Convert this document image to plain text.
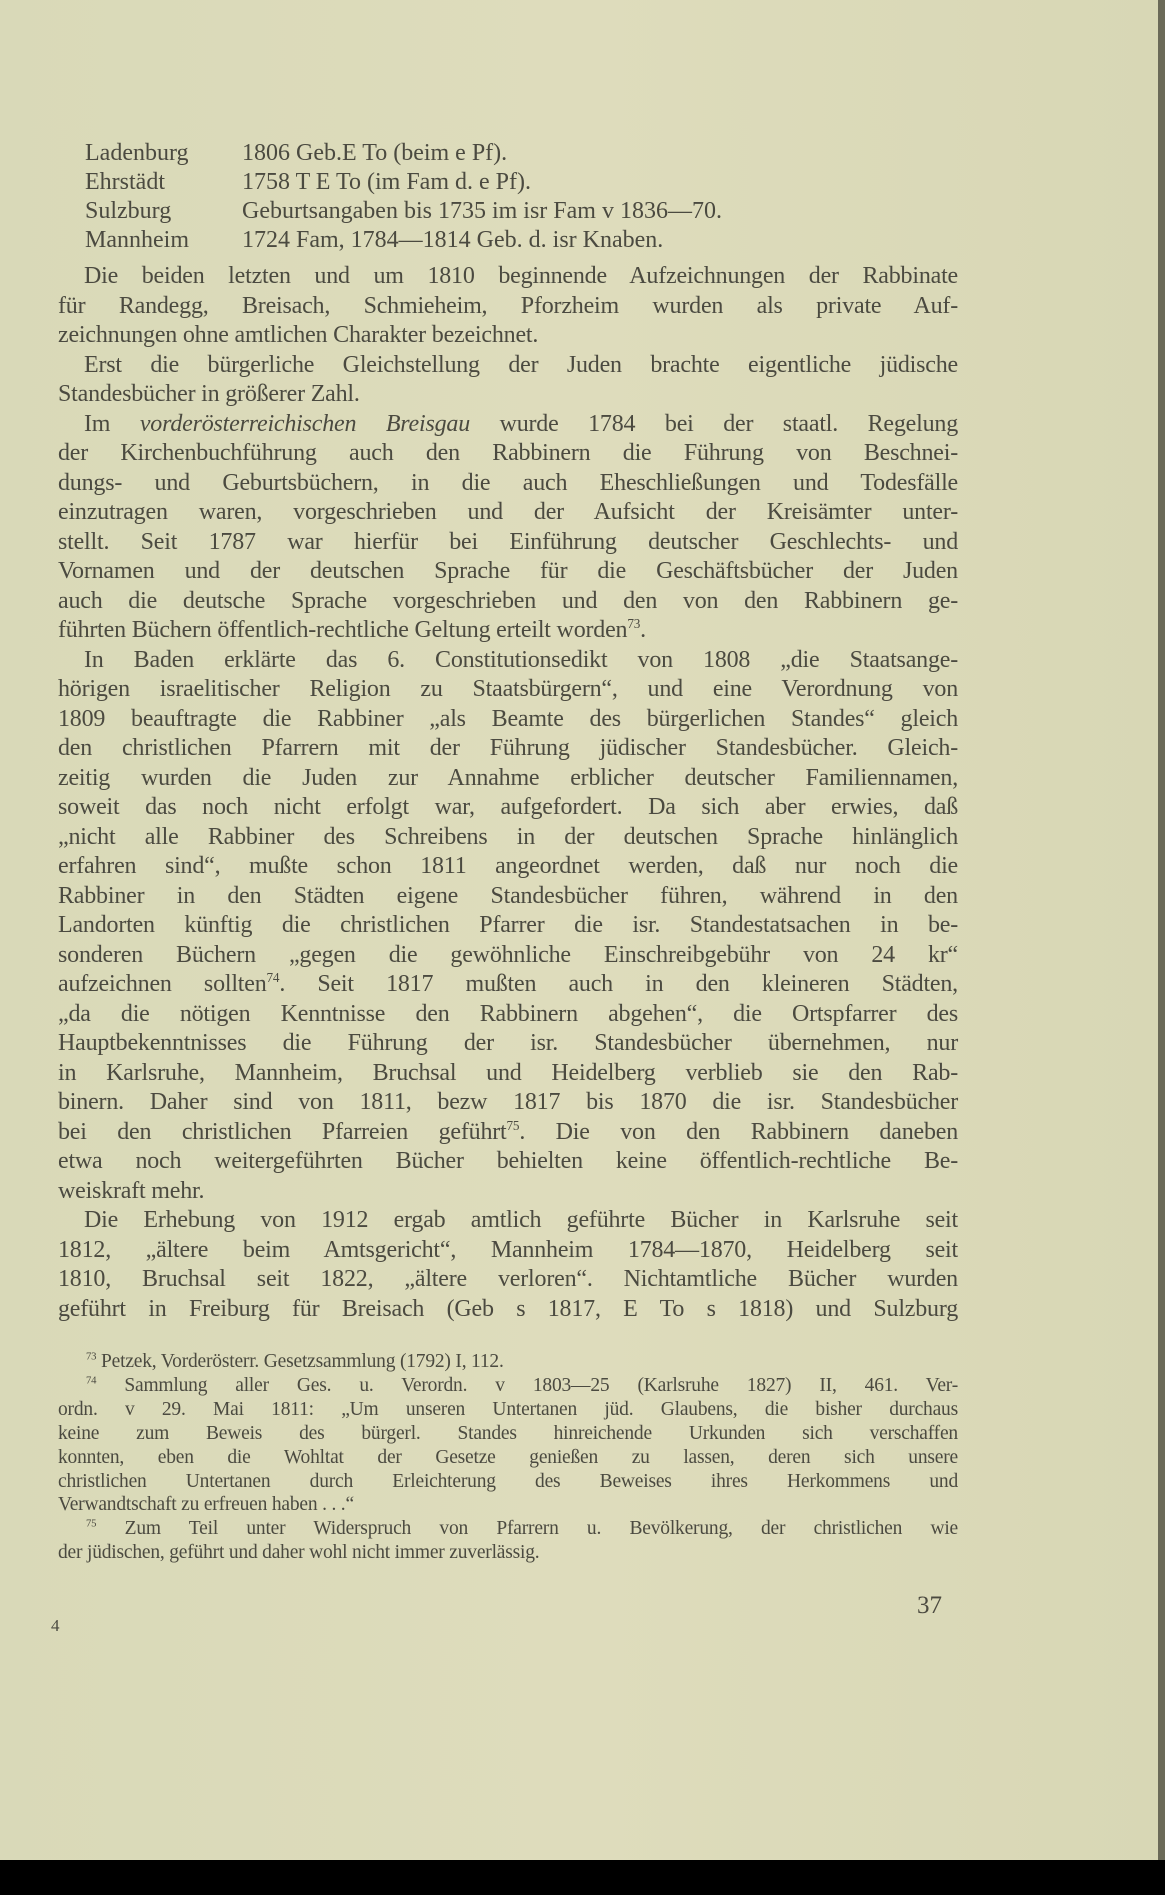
Ladenburg 1806 Geb.E To (beim e Pf).
Ehrstädt	1758 T E To (im Fam d. e Pf).
Sulzburg	Geburtsangaben bis 1735 im isr Fam v 1836—70.
Mannheim 1724 Fam, 1784—1814 Geb. d. isr Knaben.
Die beiden letzten und um 1810 beginnende Aufzeichnungen der Rabbinate
für Randegg, Breisach, Schmieheim, Pforzheim wurden als private Auf-
zeichnungen ohne amtlichen Charakter bezeichnet.
Erst die bürgerliche Gleichstellung der Juden brachte eigentliche jüdische
Standesbücher in größerer Zahl.
Im vorderösterreichischen Breisgau wurde 1784 bei der staatl. Regelung
der Kirchenbuchführung auch den Rabbinern die Führung von Beschnei-
dungs- und Geburtsbüchern, in die auch Eheschließungen und Todesfälle
einzutragen waren, vorgeschrieben und der Aufsicht der Kreisämter unter-
stellt. Seit 1787 war hierfür bei Einführung deutscher Geschlechts- und
Vornamen und der deutschen Sprache für die Geschäftsbücher der Juden
auch die deutsche Sprache vorgeschrieben und den von den Rabbinern ge-
führten Büchern öffentlich-rechtliche Geltung erteilt worden$^{73}$.
In Baden erklärte das 6. Constitutionsedikt von 1808 „die Staatsange-
hörigen israelitischer Religion zu Staatsbürgern“, und eine Verordnung von
1809 beauftragte die Rabbiner „als Beamte des bürgerlichen Standes“ gleich
den christlichen Pfarrern mit der Führung jüdischer Standesbücher. Gleich-
zeitig wurden die Juden zur Annahme erblicher deutscher Familiennamen,
soweit das noch nicht erfolgt war, aufgefordert. Da sich aber erwies, daß
„nicht alle Rabbiner des Schreibens in der deutschen Sprache hinlänglich
erfahren sind“, mußte schon 1811 angeordnet werden, daß nur noch die
Rabbiner in den Städten eigene Standesbücher führen, während in den
Landorten künftig die christlichen Pfarrer die isr. Standestatsachen in be-
sonderen Büchern „gegen die gewöhnliche Einschreibgebühr von 24 kr“
aufzeichnen sollten$^{74}$. Seit 1817 mußten auch in den kleineren Städten,
„da die nötigen Kenntnisse den Rabbinern abgehen“, die Ortspfarrer des
Hauptbekenntnisses die Führung der isr. Standesbücher übernehmen, nur
in Karlsruhe, Mannheim, Bruchsal und Heidelberg verblieb sie den Rab-
binern. Daher sind von 1811, bezw 1817 bis 1870 die isr. Standesbücher
bei den christlichen Pfarreien geführt$^{75}$. Die von den Rabbinern daneben
etwa noch weitergeführten Bücher behielten keine öffentlich-rechtliche Be-
weiskraft mehr.
Die Erhebung von 1912 ergab amtlich geführte Bücher in Karlsruhe seit
1812, „ältere beim Amtsgericht“, Mannheim 1784—1870, Heidelberg seit
1810, Bruchsal seit 1822, „ältere verloren“. Nichtamtliche Bücher wurden
geführt in Freiburg für Breisach (Geb s 1817, E To s 1818) und Sulzburg
$^{73}$ Petzek, Vorderösterr. Gesetzsammlung (1792) I, 112.
$^{74}$ Sammlung aller Ges. u. Verordn. v 1803—25 (Karlsruhe 1827) II, 461. Ver-
ordn. v 29. Mai 1811: „Um unseren Untertanen jüd. Glaubens, die bisher durchaus
keine zum Beweis des bürgerl. Standes hinreichende Urkunden sich verschaffen
konnten, eben die Wohltat der Gesetze genießen zu lassen, deren sich unsere
christlichen Untertanen durch Erleichterung des Beweises ihres Herkommens und
Verwandtschaft zu erfreuen haben . . .“
$^{75}$ Zum Teil unter Widerspruch von Pfarrern u. Bevölkerung, der christlichen wie
der jüdischen, geführt und daher wohl nicht immer zuverlässig.
37
4
